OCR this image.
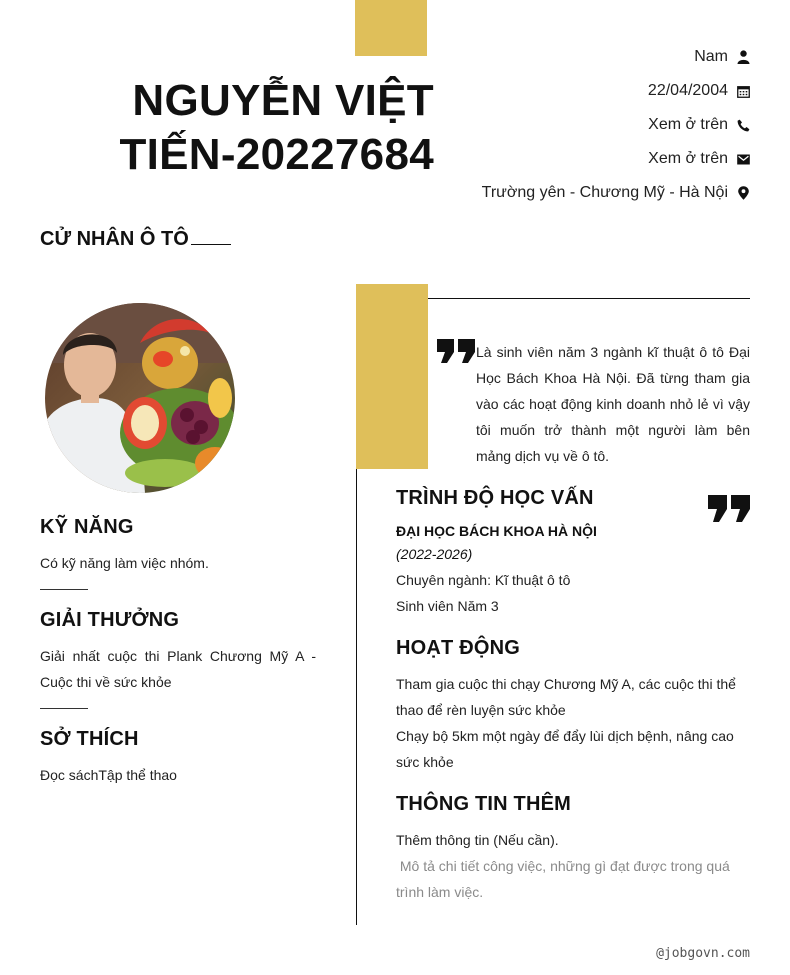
NGUYỄN VIỆT TIẾN-20227684
Nam
22/04/2004
Xem ở trên
Xem ở trên
Trường yên - Chương Mỹ - Hà Nội
CỬ NHÂN Ô TÔ
KỸ NĂNG

Có kỹ năng làm việc nhóm.

GIẢI THƯỞNG

Giải nhất cuộc thi Plank Chương Mỹ A - Cuộc thi về sức khỏe

SỞ THÍCH

Đọc sáchTập thể thao

Là sinh viên năm 3 ngành kĩ thuật ô tô Đại Học Bách Khoa Hà Nội. Đã từng tham gia vào các hoạt động kinh doanh nhỏ lẻ vì vậy tôi muốn trở thành một người làm bên mảng dịch vụ về ô tô.

TRÌNH ĐỘ HỌC VẤN
ĐẠI HỌC BÁCH KHOA HÀ NỘI
(2022-2026)

Chuyên ngành: Kĩ thuật ô tô

Sinh viên Năm 3

HOẠT ĐỘNG

Tham gia cuộc thi chạy Chương Mỹ A, các cuộc thi thể thao để rèn luyện sức khỏe
Chạy bộ 5km một ngày để đẩy lùi dịch bệnh, nâng cao sức khỏe

THÔNG TIN THÊM

Thêm thông tin (Nếu cần).

Mô tả chi tiết công việc, những gì đạt được trong quá trình làm việc.

@jobgovn.com
